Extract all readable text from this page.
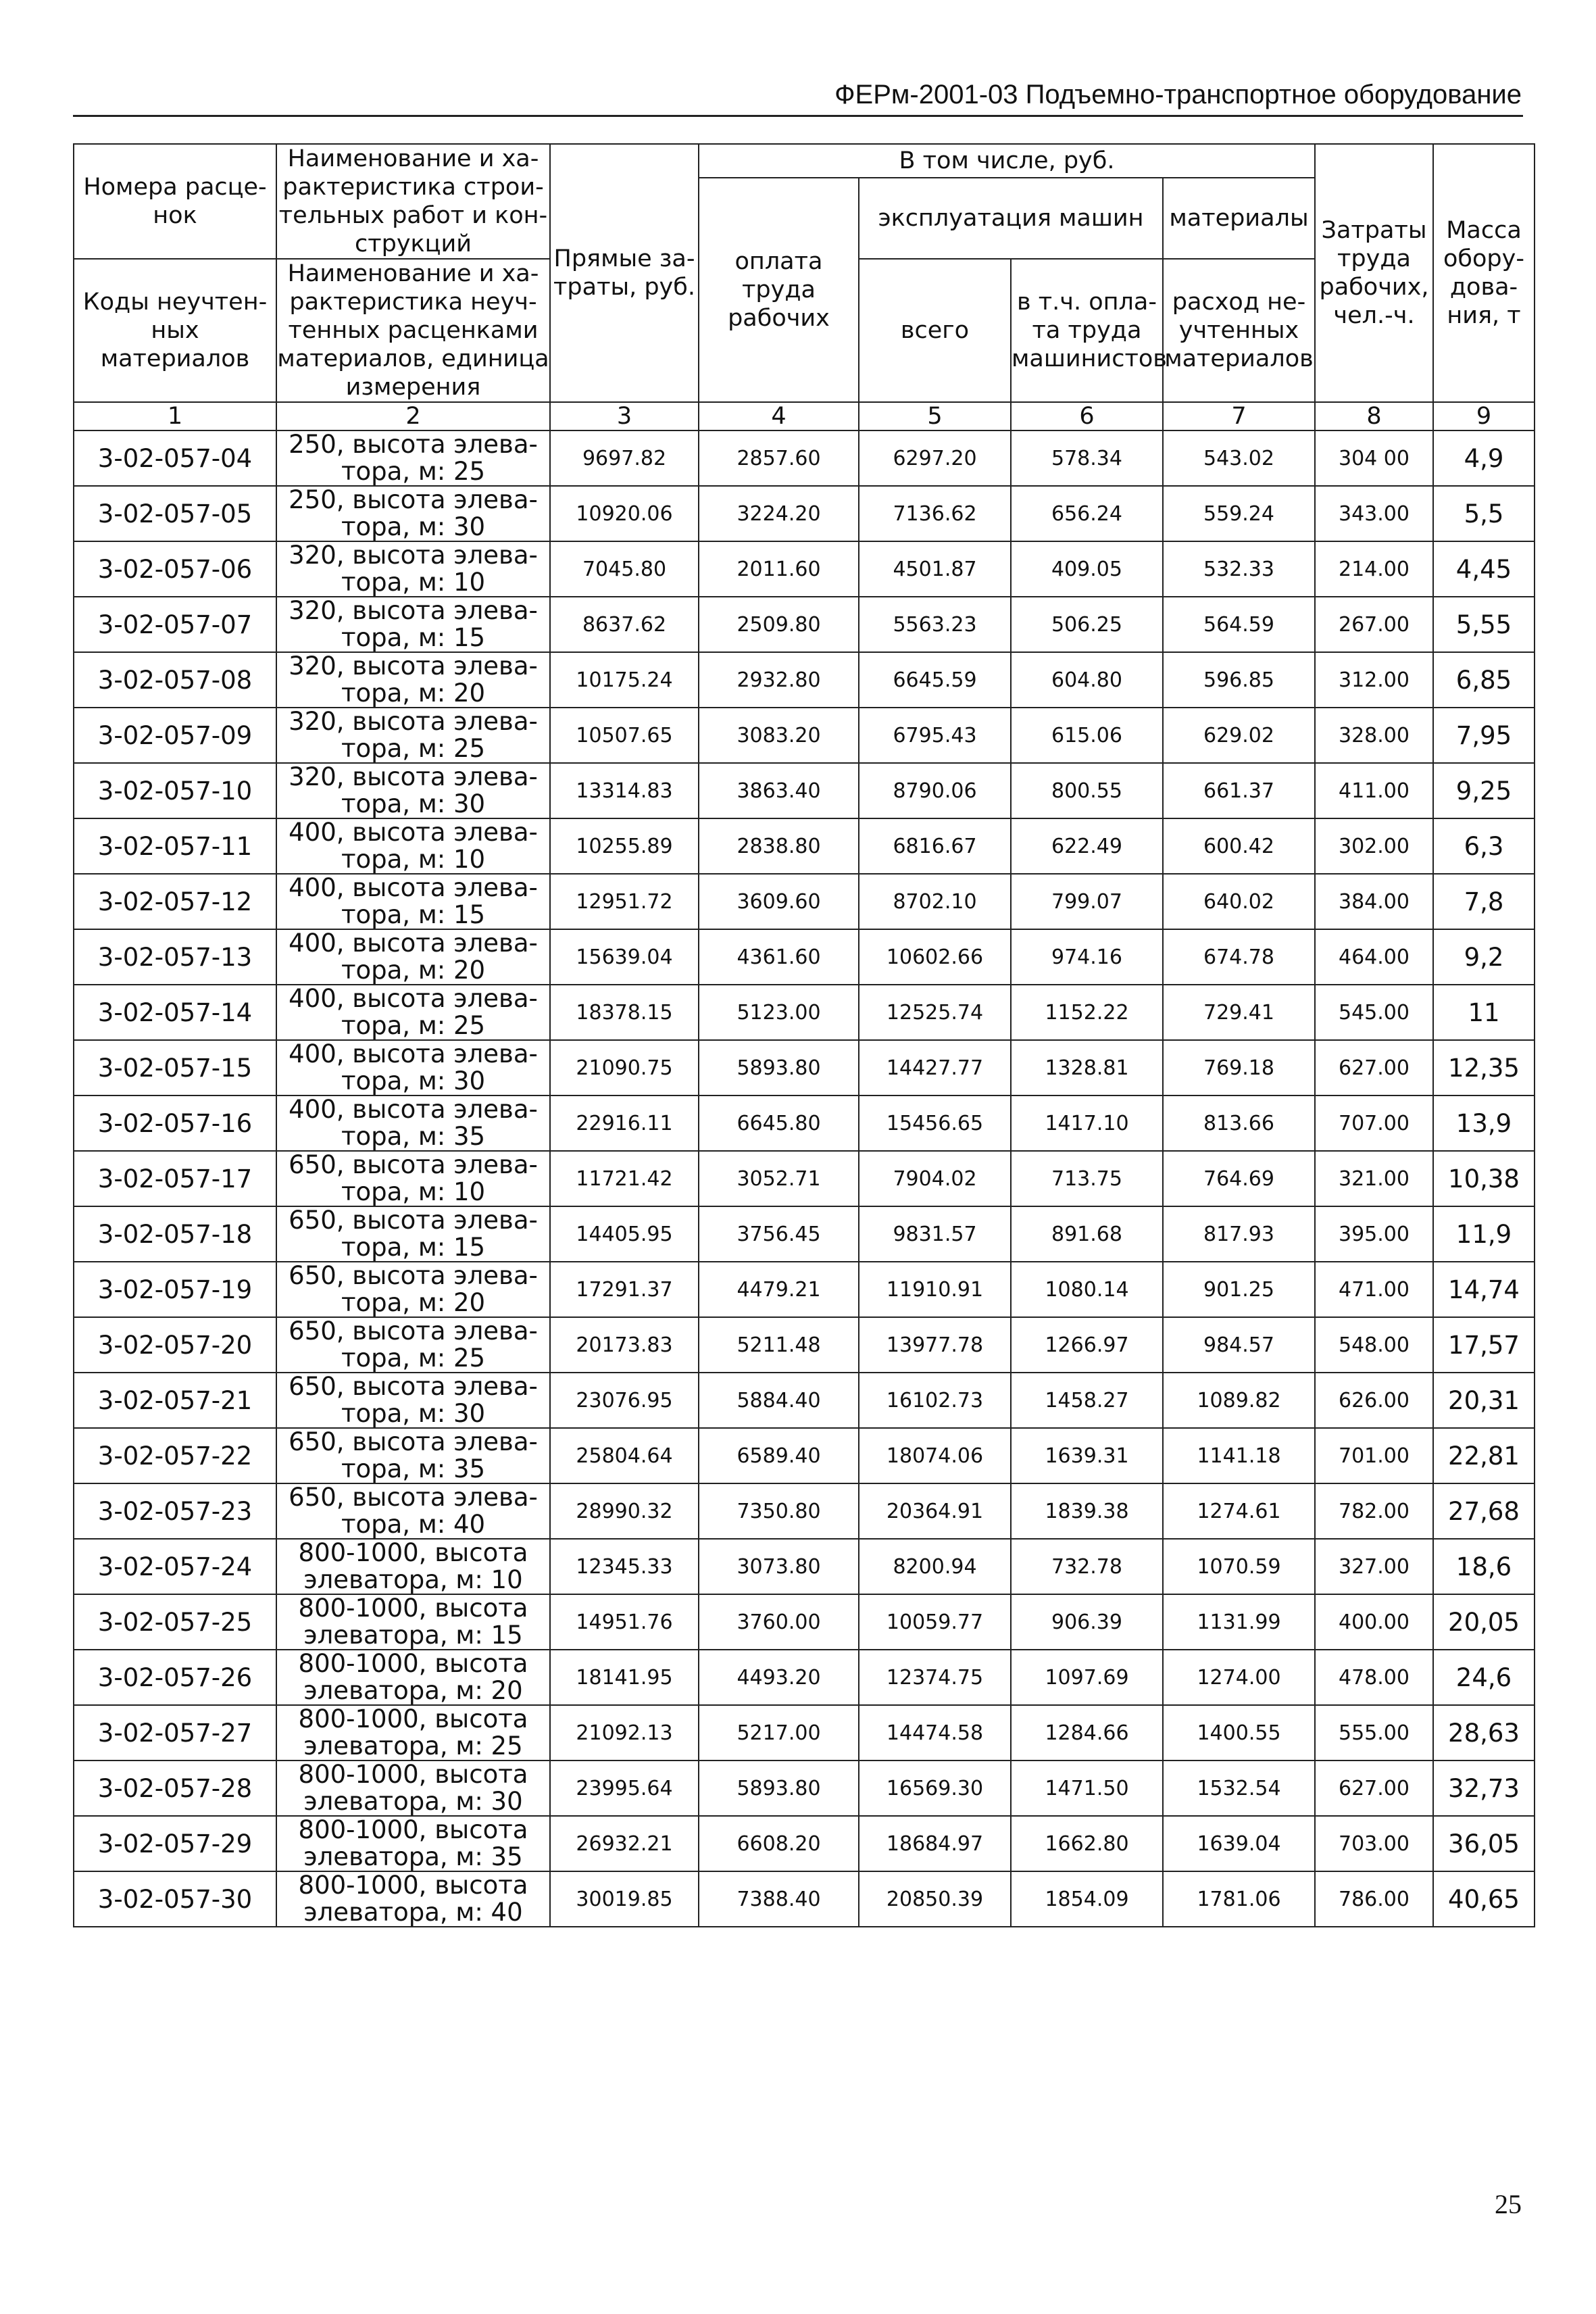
ФЕРм-2001-03 Подъемно-транспортное оборудование
Номера расце-нок	Наименование и ха-рактеристика строи-тельных работ и кон-струкций	Прямые за-траты, руб.	В том числе, руб.				Затраты труда рабочих, чел.-ч.	Масса обору-дова-ния, т
			оплата труда рабочих	эксплуатация машин		материалы		
Коды неучтен-ных материалов	Наименование и ха-рактеристика неуч-тенных расценками материалов, единица измерения			всего	в т.ч. опла-та труда машинистов	расход не-учтенных материалов		

1	2	3	4	5	6	7	8	9
3-02-057-04	250, высота элева-тора, м: 25	9697.82	2857.60	6297.20	578.34	543.02	304 00	4,9
3-02-057-05	250, высота элева-тора, м: 30	10920.06	3224.20	7136.62	656.24	559.24	343.00	5,5
3-02-057-06	320, высота элева-тора, м: 10	7045.80	2011.60	4501.87	409.05	532.33	214.00	4,45
3-02-057-07	320, высота элева-тора, м: 15	8637.62	2509.80	5563.23	506.25	564.59	267.00	5,55
3-02-057-08	320, высота элева-тора, м: 20	10175.24	2932.80	6645.59	604.80	596.85	312.00	6,85
3-02-057-09	320, высота элева-тора, м: 25	10507.65	3083.20	6795.43	615.06	629.02	328.00	7,95
3-02-057-10	320, высота элева-тора, м: 30	13314.83	3863.40	8790.06	800.55	661.37	411.00	9,25
3-02-057-11	400, высота элева-тора, м: 10	10255.89	2838.80	6816.67	622.49	600.42	302.00	6,3
3-02-057-12	400, высота элева-тора, м: 15	12951.72	3609.60	8702.10	799.07	640.02	384.00	7,8
3-02-057-13	400, высота элева-тора, м: 20	15639.04	4361.60	10602.66	974.16	674.78	464.00	9,2
3-02-057-14	400, высота элева-тора, м: 25	18378.15	5123.00	12525.74	1152.22	729.41	545.00	11
3-02-057-15	400, высота элева-тора, м: 30	21090.75	5893.80	14427.77	1328.81	769.18	627.00	12,35
3-02-057-16	400, высота элева-тора, м: 35	22916.11	6645.80	15456.65	1417.10	813.66	707.00	13,9
3-02-057-17	650, высота элева-тора, м: 10	11721.42	3052.71	7904.02	713.75	764.69	321.00	10,38
3-02-057-18	650, высота элева-тора, м: 15	14405.95	3756.45	9831.57	891.68	817.93	395.00	11,9
3-02-057-19	650, высота элева-тора, м: 20	17291.37	4479.21	11910.91	1080.14	901.25	471.00	14,74
3-02-057-20	650, высота элева-тора, м: 25	20173.83	5211.48	13977.78	1266.97	984.57	548.00	17,57
3-02-057-21	650, высота элева-тора, м: 30	23076.95	5884.40	16102.73	1458.27	1089.82	626.00	20,31
3-02-057-22	650, высота элева-тора, м: 35	25804.64	6589.40	18074.06	1639.31	1141.18	701.00	22,81
3-02-057-23	650, высота элева-тора, м: 40	28990.32	7350.80	20364.91	1839.38	1274.61	782.00	27,68
3-02-057-24	800-1000, высота элеватора, м: 10	12345.33	3073.80	8200.94	732.78	1070.59	327.00	18,6
3-02-057-25	800-1000, высота элеватора, м: 15	14951.76	3760.00	10059.77	906.39	1131.99	400.00	20,05
3-02-057-26	800-1000, высота элеватора, м: 20	18141.95	4493.20	12374.75	1097.69	1274.00	478.00	24,6
3-02-057-27	800-1000, высота элеватора, м: 25	21092.13	5217.00	14474.58	1284.66	1400.55	555.00	28,63
3-02-057-28	800-1000, высота элеватора, м: 30	23995.64	5893.80	16569.30	1471.50	1532.54	627.00	32,73
3-02-057-29	800-1000, высота элеватора, м: 35	26932.21	6608.20	18684.97	1662.80	1639.04	703.00	36,05
3-02-057-30	800-1000, высота элеватора, м: 40	30019.85	7388.40	20850.39	1854.09	1781.06	786.00	40,65
25
